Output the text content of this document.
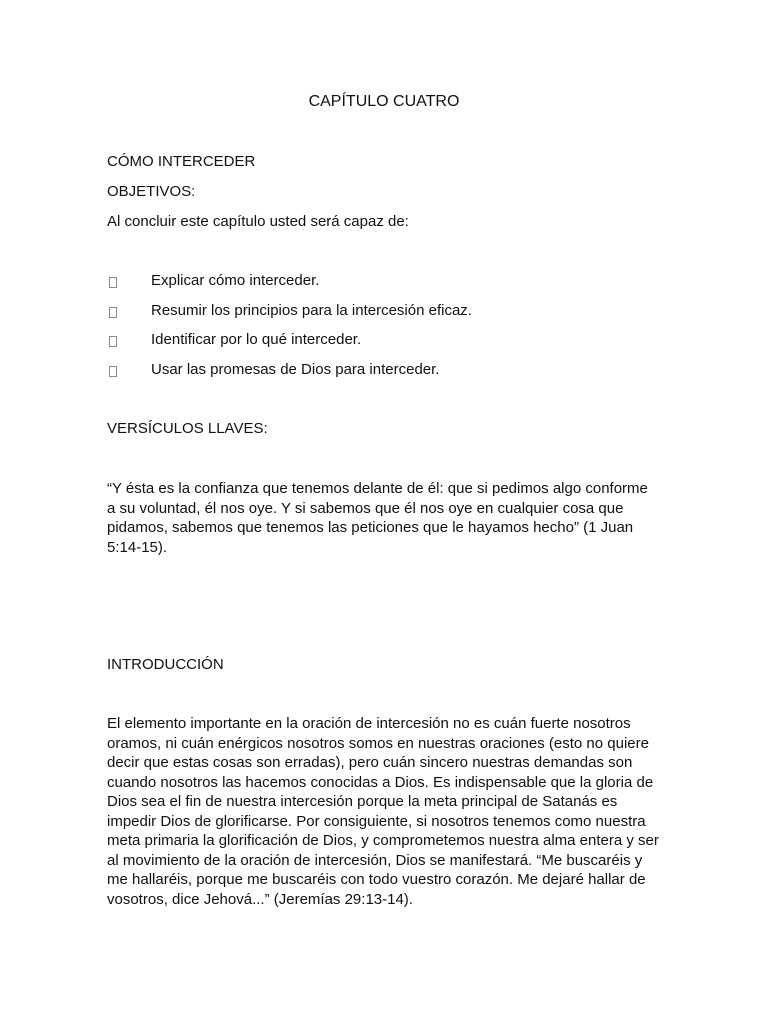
CAPÍTULO CUATRO
CÓMO INTERCEDER
OBJETIVOS:
Al concluir este capítulo usted será capaz de:
Explicar cómo interceder.
Resumir los principios para la intercesión eficaz.
Identificar por lo qué interceder.
Usar las promesas de Dios para interceder.
VERSÍCULOS LLAVES:
“Y ésta es la confianza que tenemos delante de él: que si pedimos algo conforme
a su voluntad, él nos oye. Y si sabemos que él nos oye en cualquier cosa que
pidamos, sabemos que tenemos las peticiones que le hayamos hecho” (1 Juan
5:14-15).
INTRODUCCIÓN
El elemento importante en la oración de intercesión no es cuán fuerte nosotros
oramos, ni cuán enérgicos nosotros somos en nuestras oraciones (esto no quiere
decir que estas cosas son erradas), pero cuán sincero nuestras demandas son
cuando nosotros las hacemos conocidas a Dios. Es indispensable que la gloria de
Dios sea el fin de nuestra intercesión porque la meta principal de Satanás es
impedir Dios de glorificarse. Por consiguiente, si nosotros tenemos como nuestra
meta primaria la glorificación de Dios, y comprometemos nuestra alma entera y ser
al movimiento de la oración de intercesión, Dios se manifestará. “Me buscaréis y
me hallaréis, porque me buscaréis con todo vuestro corazón. Me dejaré hallar de
vosotros, dice Jehová...” (Jeremías 29:13-14).
